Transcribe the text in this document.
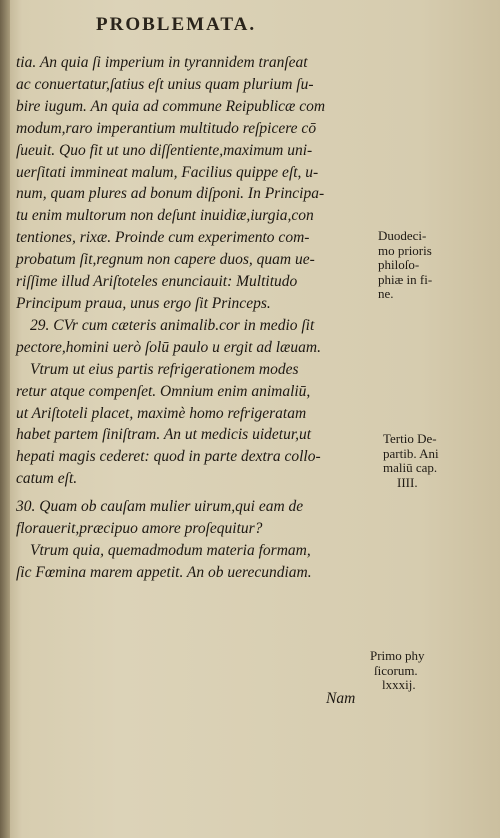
PROBLEMATA.
tia. An quia ſi imperium in tyrannidem tranſeat
ac conuertatur,ſatius eſt unius quam plurium ſu-
bire iugum. An quia ad commune Reipublicæ com
modum,raro imperantium multitudo reſpicere cō
ſueuit. Quo fit ut uno diſſentiente,maximum uni-
uerſitati immineat malum, Facilius quippe eſt, u-
num, quam plures ad bonum diſponi. In Principa-
tu enim multorum non deſunt inuidiæ,iurgia,con
tentiones, rixæ. Proinde cum experimento com-
probatum ſit,regnum non capere duos, quam ue-
riſſime illud Ariſtoteles enunciauit: Multitudo
Principum praua, unus ergo ſit Princeps.
29. CVr cum cæteris animalib.cor in medio ſit
pectore,homini uerò ſolū paulo u ergit ad læuam.
Vtrum ut eius partis refrigerationem modes
retur atque compenſet. Omnium enim animaliū,
ut Ariſtoteli placet, maximè homo refrigeratam
habet partem ſiniſtram. An ut medicis uidetur,ut
hepati magis cederet: quod in parte dextra collo-
catum eſt.
30. Quam ob cauſam mulier uirum,qui eam de
florauerit,præcipuo amore proſequitur?
Vtrum quia, quemadmodum materia formam,
ſic Fœmina marem appetit. An ob uerecundiam.
Nam
Duodeci-
mo prioris
philoſo-
phiæ in fi-
ne.
Tertio De-
partib. Ani
maliū cap.
IIII.
Primo phy
ſicorum.
lxxxij.
